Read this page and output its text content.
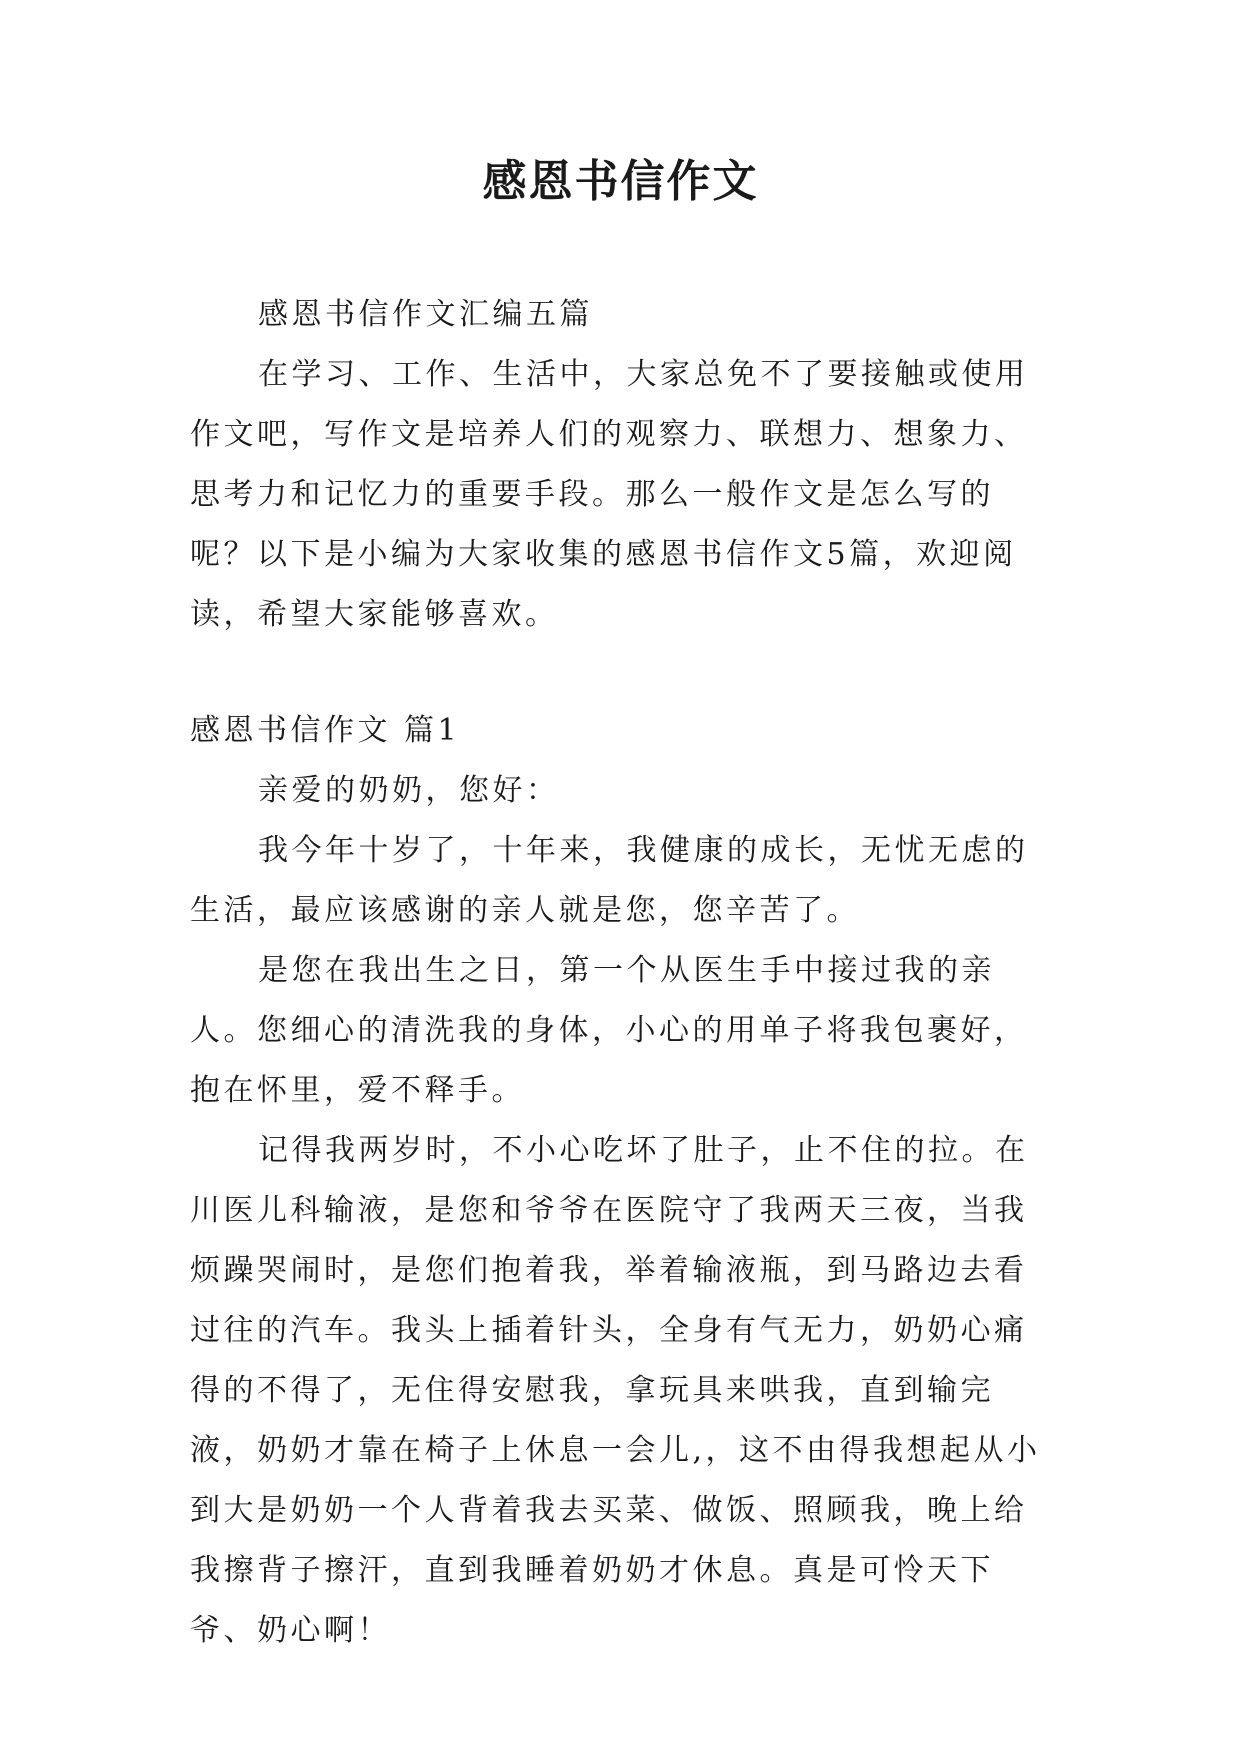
感恩书信作文

感恩书信作文汇编五篇

在学习、工作、生活中，大家总免不了要接触或使用作文吧，写作文是培养人们的观察力、联想力、想象力、思考力和记忆力的重要手段。那么一般作文是怎么写的呢？以下是小编为大家收集的感恩书信作文5篇，欢迎阅读，希望大家能够喜欢。

感恩书信作文 篇1

亲爱的奶奶，您好：

我今年十岁了，十年来，我健康的成长，无忧无虑的生活，最应该感谢的亲人就是您，您辛苦了。

是您在我出生之日，第一个从医生手中接过我的亲人。您细心的清洗我的身体，小心的用单子将我包裹好，抱在怀里，爱不释手。

记得我两岁时，不小心吃坏了肚子，止不住的拉。在川医儿科输液，是您和爷爷在医院守了我两天三夜，当我烦躁哭闹时，是您们抱着我，举着输液瓶，到马路边去看过往的汽车。我头上插着针头，全身有气无力，奶奶心痛得的不得了，无住得安慰我，拿玩具来哄我，直到输完液，奶奶才靠在椅子上休息一会儿,，这不由得我想起从小到大是奶奶一个人背着我去买菜、做饭、照顾我，晚上给我擦背子擦汗，直到我睡着奶奶才休息。真是可怜天下爷、奶心啊！
